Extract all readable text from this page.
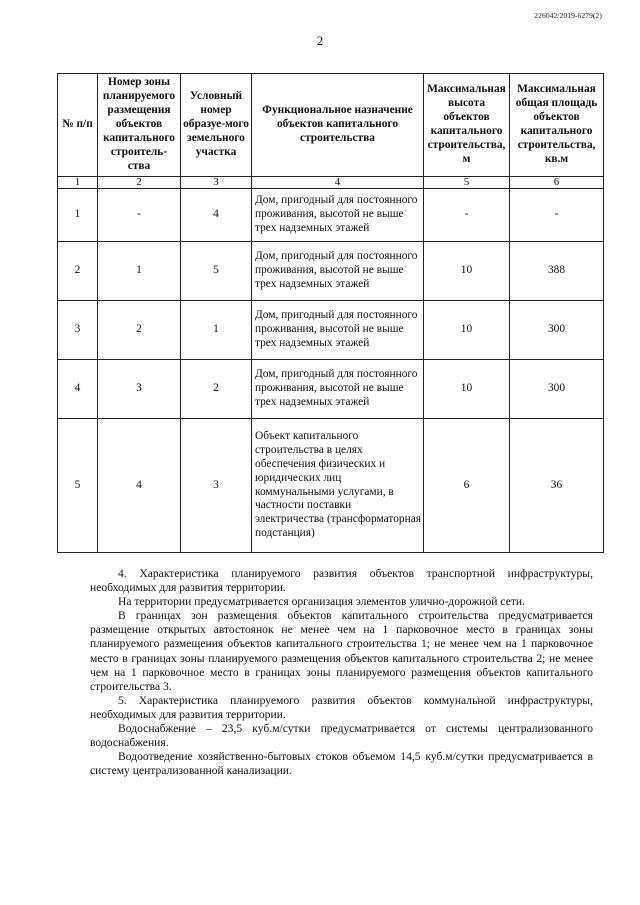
226042/2019-6279(2)
2
№ п/п	Номер зоны планируемого размещения объектов капитального строитель-ства	Условный номер образуе-мого земельного участка	Функциональное назначение объектов капитального строительства	Максимальная высота объектов капитального строительства, м	Максимальная общая площадь объектов капитального строительства, кв.м
1	2	3	4	5	6
1	-	4	Дом, пригодный для постоянного проживания, высотой не выше трех надземных этажей	-	-
2	1	5	Дом, пригодный для постоянного проживания, высотой не выше трех надземных этажей	10	388
3	2	1	Дом, пригодный для постоянного проживания, высотой не выше трех надземных этажей	10	300
4	3	2	Дом, пригодный для постоянного проживания, высотой не выше трех надземных этажей	10	300
5	4	3	Объект капитального строительства в целях обеспечения физических и юридических лиц коммунальными услугами, в частности поставки электричества (трансформаторная подстанция)	6	36

4. Характеристика планируемого развития объектов транспортной инфраструктуры, необходимых для развития территории.

На территории предусматривается организация элементов улично-дорожной сети.

В границах зон размещения объектов капитального строительства предусматривается размещение открытых автостоянок не менее чем на 1 парковочное место в границах зоны планируемого размещения объектов капитального строительства 1; не менее чем на 1 парковочное место в границах зоны планируемого размещения объектов капитального строительства 2; не менее чем на 1 парковочное место в границах зоны планируемого размещения объектов капитального строительства 3.

5. Характеристика планируемого развития объектов коммунальной инфраструктуры, необходимых для развития территории.

Водоснабжение – 23,5 куб.м/сутки предусматривается от системы централизованного водоснабжения.

Водоотведение хозяйственно-бытовых стоков объемом 14,5 куб.м/сутки предусматривается в систему централизованной канализации.
